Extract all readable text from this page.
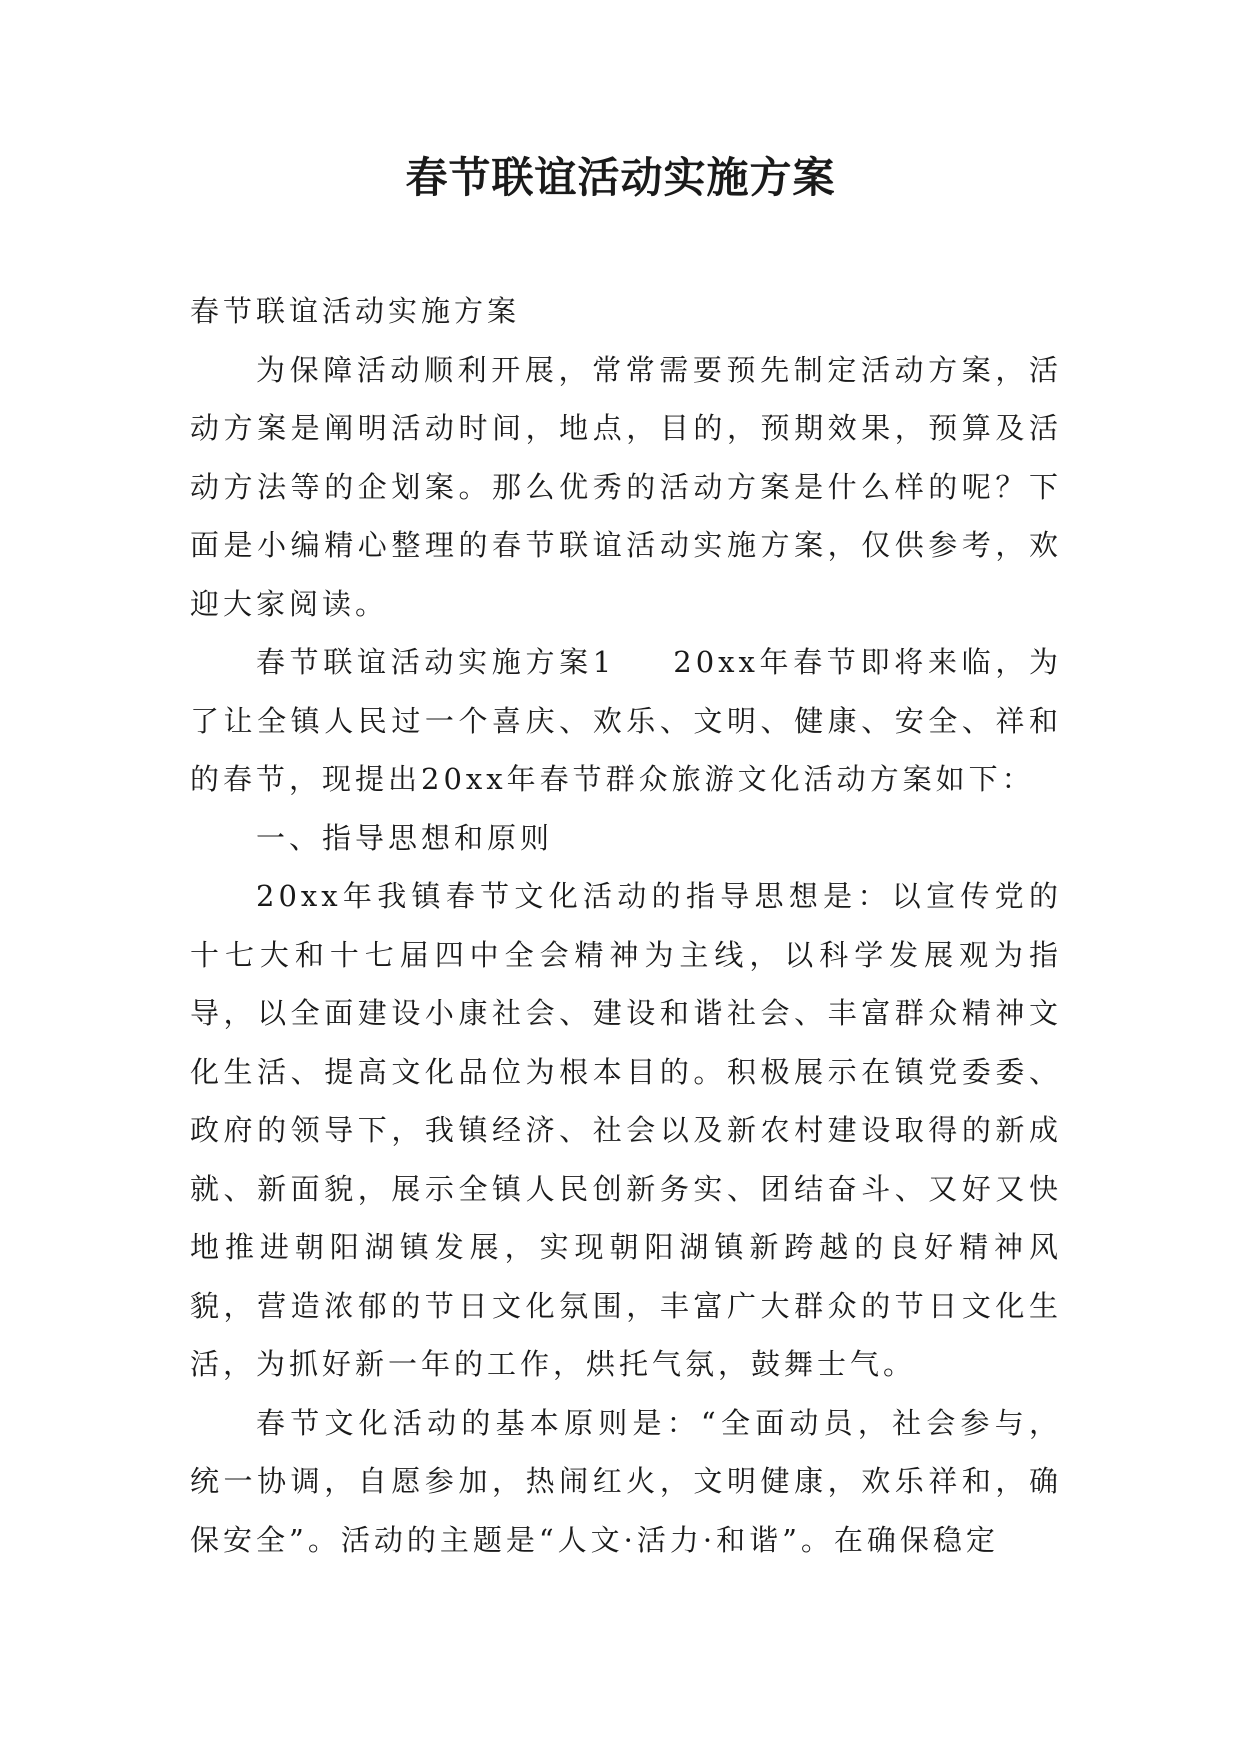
春节联谊活动实施方案

春节联谊活动实施方案

为保障活动顺利开展，常常需要预先制定活动方案，活动方案是阐明活动时间，地点，目的，预期效果，预算及活动方法等的企划案。那么优秀的活动方案是什么样的呢？下面是小编精心整理的春节联谊活动实施方案，仅供参考，欢迎大家阅读。

春节联谊活动实施方案1 20xx年春节即将来临，为了让全镇人民过一个喜庆、欢乐、文明、健康、安全、祥和的春节，现提出20xx年春节群众旅游文化活动方案如下：

一、指导思想和原则

20xx年我镇春节文化活动的指导思想是：以宣传党的十七大和十七届四中全会精神为主线，以科学发展观为指导，以全面建设小康社会、建设和谐社会、丰富群众精神文化生活、提高文化品位为根本目的。积极展示在镇党委委、政府的领导下，我镇经济、社会以及新农村建设取得的新成就、新面貌，展示全镇人民创新务实、团结奋斗、又好又快地推进朝阳湖镇发展，实现朝阳湖镇新跨越的良好精神风貌，营造浓郁的节日文化氛围，丰富广大群众的节日文化生活，为抓好新一年的工作，烘托气氛，鼓舞士气。

春节文化活动的基本原则是：“全面动员，社会参与，统一协调，自愿参加，热闹红火，文明健康，欢乐祥和，确保安全”。活动的主题是“人文·活力·和谐”。在确保稳定
